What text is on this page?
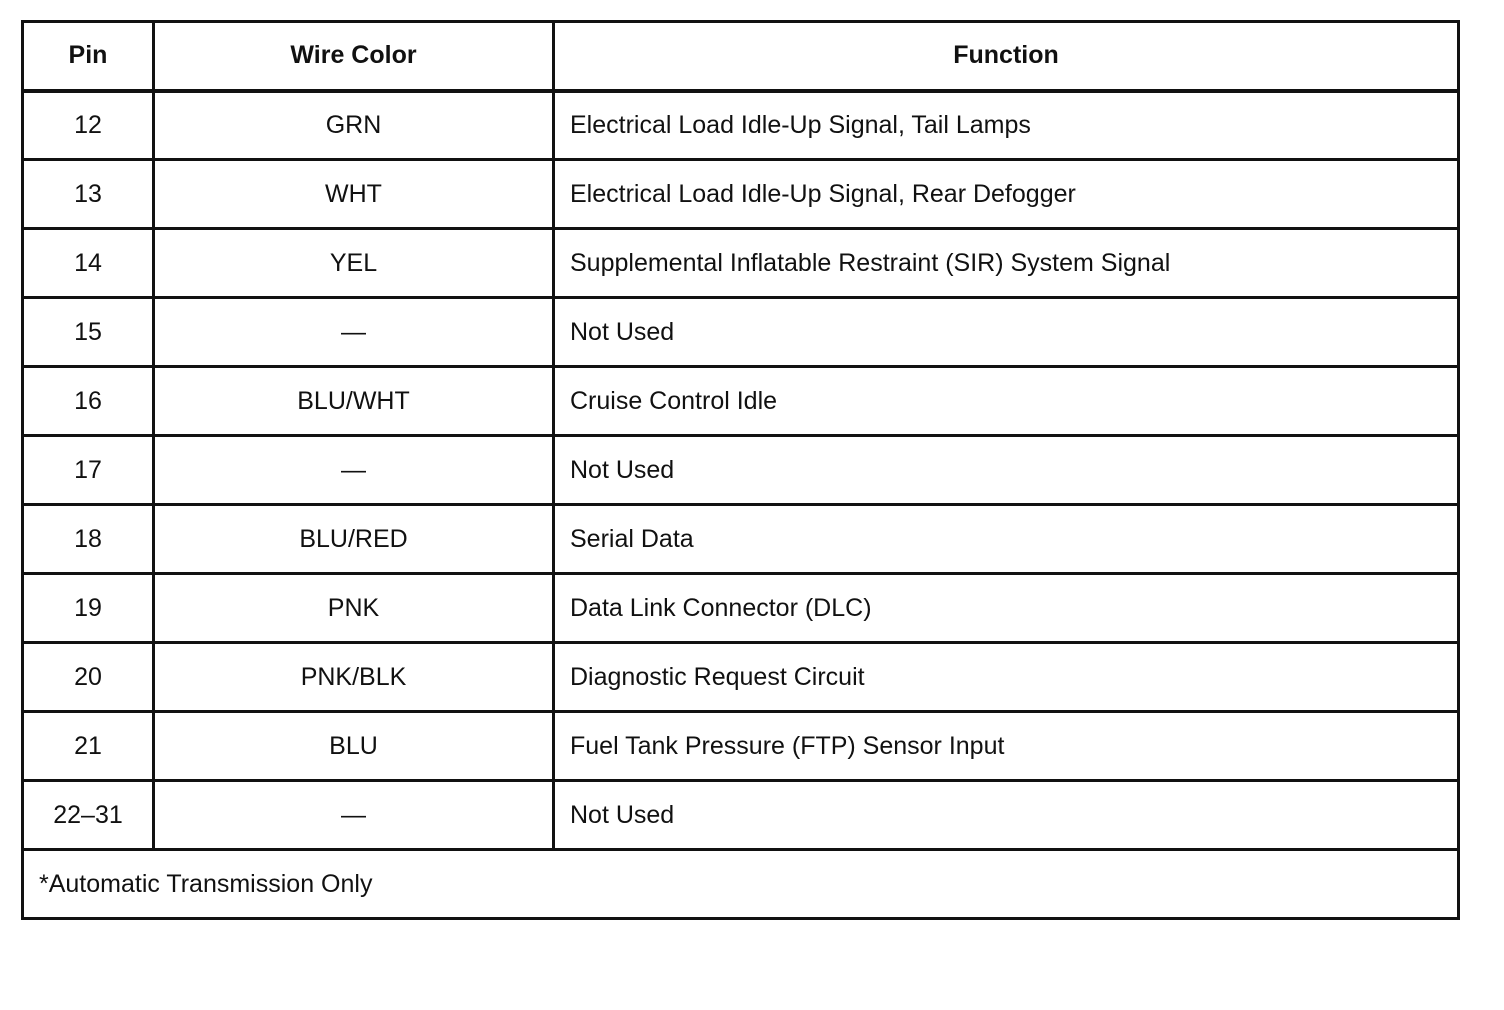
Pin	Wire Color	Function
12	GRN	Electrical Load Idle-Up Signal, Tail Lamps
13	WHT	Electrical Load Idle-Up Signal, Rear Defogger
14	YEL	Supplemental Inflatable Restraint (SIR) System Signal
15	—	Not Used
16	BLU/WHT	Cruise Control Idle
17	—	Not Used
18	BLU/RED	Serial Data
19	PNK	Data Link Connector (DLC)
20	PNK/BLK	Diagnostic Request Circuit
21	BLU	Fuel Tank Pressure (FTP) Sensor Input
22–31	—	Not Used
*Automatic Transmission Only		
